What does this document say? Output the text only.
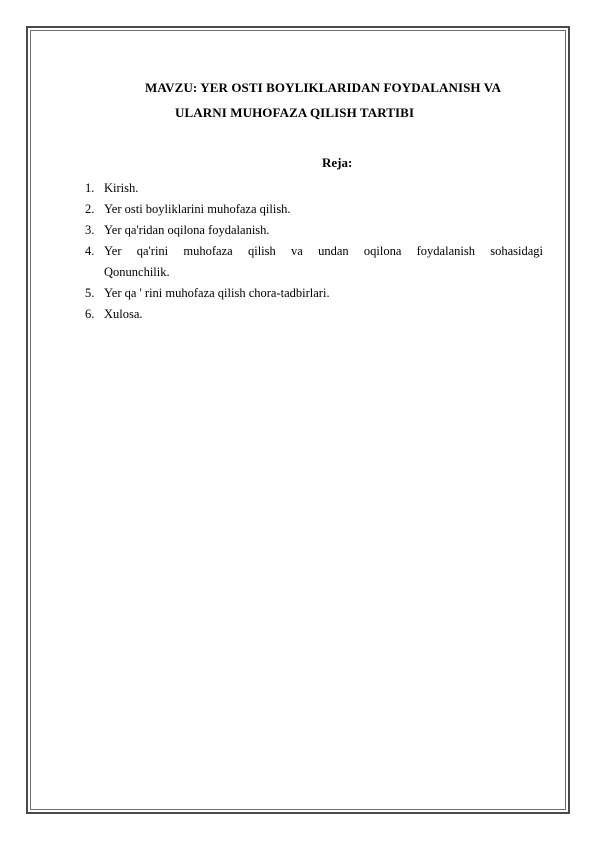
MAVZU: YER OSTI BOYLIKLARIDAN FOYDALANISH VA
ULARNI MUHOFAZA QILISH TARTIBI
Reja:
1. Kirish.
2. Yer osti boyliklarini muhofaza qilish.
3. Yer qa'ridan oqilona foydalanish.
4. Yer qa'rini muhofaza qilish va undan oqilona foydalanish sohasidagi
Qonunchilik.
5. Yer qa ' rini muhofaza qilish chora-tadbirlari.
6. Xulosa.
